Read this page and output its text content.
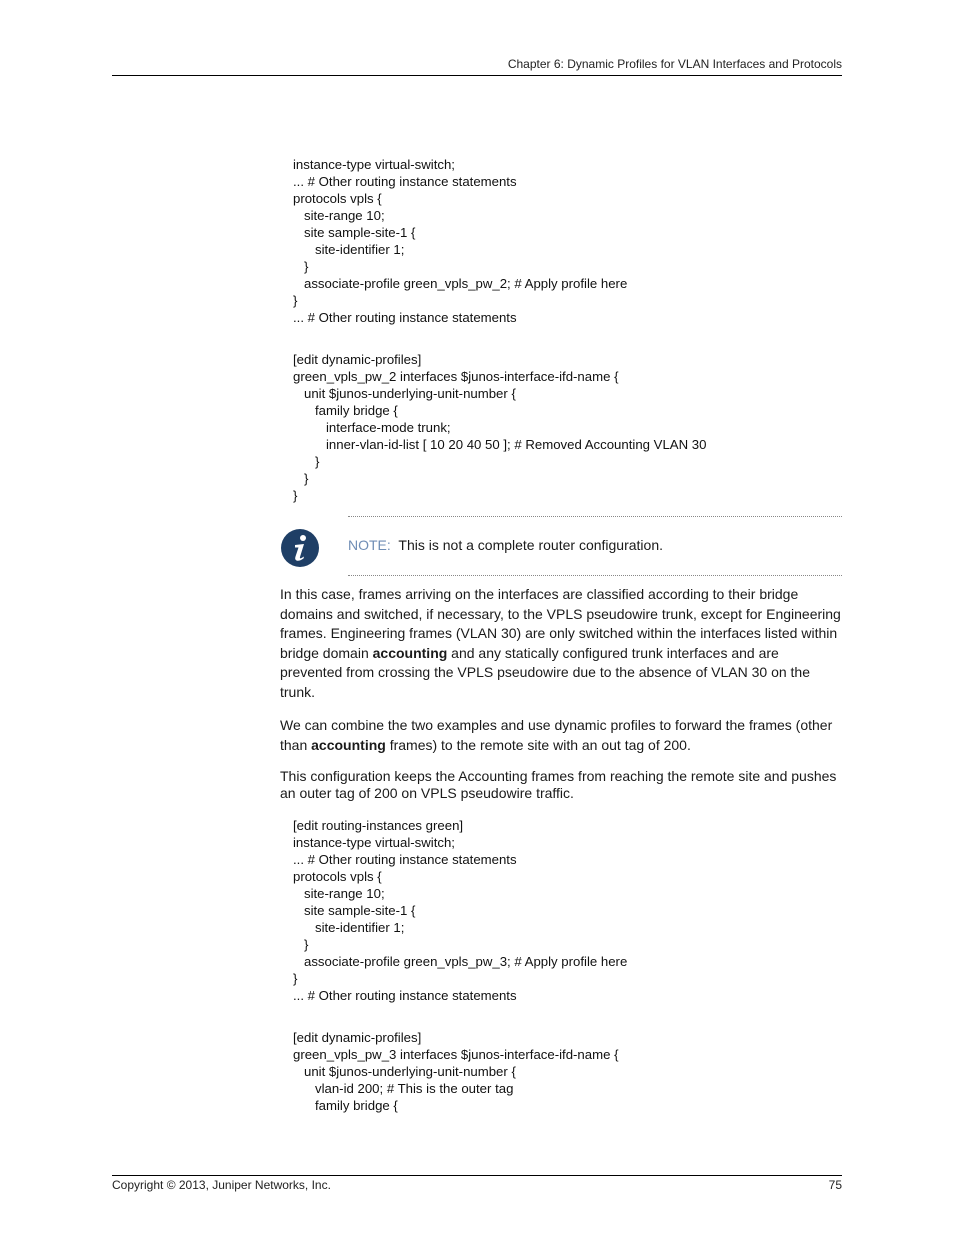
Chapter 6: Dynamic Profiles for VLAN Interfaces and Protocols
instance-type virtual-switch;
... # Other routing instance statements
protocols vpls {
site-range 10;
site sample-site-1 {
site-identifier 1;
}
associate-profile green_vpls_pw_2; # Apply profile here
}
... # Other routing instance statements
[edit dynamic-profiles]
green_vpls_pw_2 interfaces $junos-interface-ifd-name {
unit $junos-underlying-unit-number {
family bridge {
interface-mode trunk;
inner-vlan-id-list [ 10 20 40 50 ]; # Removed Accounting VLAN 30
}
}
}
NOTE: This is not a complete router configuration.
In this case, frames arriving on the interfaces are classified according to their bridge domains and switched, if necessary, to the VPLS pseudowire trunk, except for Engineering frames. Engineering frames (VLAN 30) are only switched within the interfaces listed within bridge domain accounting and any statically configured trunk interfaces and are prevented from crossing the VPLS pseudowire due to the absence of VLAN 30 on the trunk.
We can combine the two examples and use dynamic profiles to forward the frames (other than accounting frames) to the remote site with an out tag of 200.
This configuration keeps the Accounting frames from reaching the remote site and pushes an outer tag of 200 on VPLS pseudowire traffic.
[edit routing-instances green]
instance-type virtual-switch;
... # Other routing instance statements
protocols vpls {
site-range 10;
site sample-site-1 {
site-identifier 1;
}
associate-profile green_vpls_pw_3; # Apply profile here
}
... # Other routing instance statements
[edit dynamic-profiles]
green_vpls_pw_3 interfaces $junos-interface-ifd-name {
unit $junos-underlying-unit-number {
vlan-id 200; # This is the outer tag
family bridge {
Copyright © 2013, Juniper Networks, Inc.	75
